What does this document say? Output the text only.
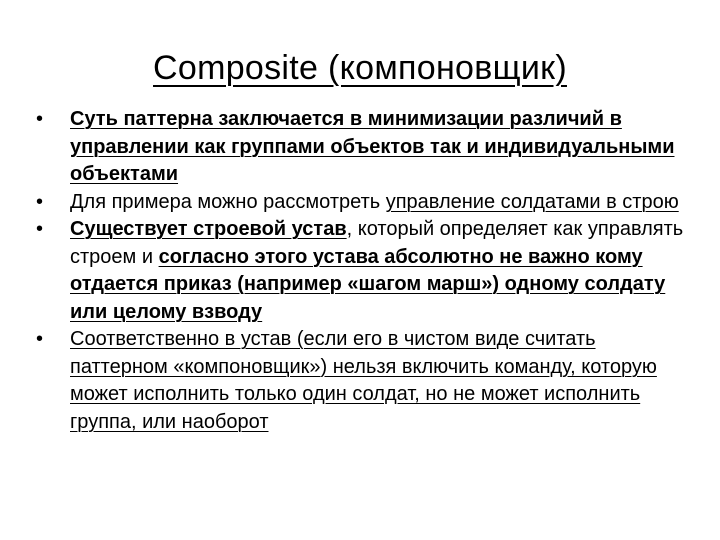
Composite (компоновщик)
•	Суть паттерна заключается в минимизации различий в управлении как группами объектов так и индивидуальными объектами
•	Для примера можно рассмотреть управление солдатами в строю
•	Существует строевой устав, который определяет как управлять строем и согласно этого устава абсолютно не важно кому отдается приказ (например «шагом марш») одному солдату или целому взводу
•	Соответственно в устав (если его в чистом виде считать паттерном «компоновщик») нельзя включить команду, которую может исполнить только один солдат, но не может исполнить группа, или наоборот
